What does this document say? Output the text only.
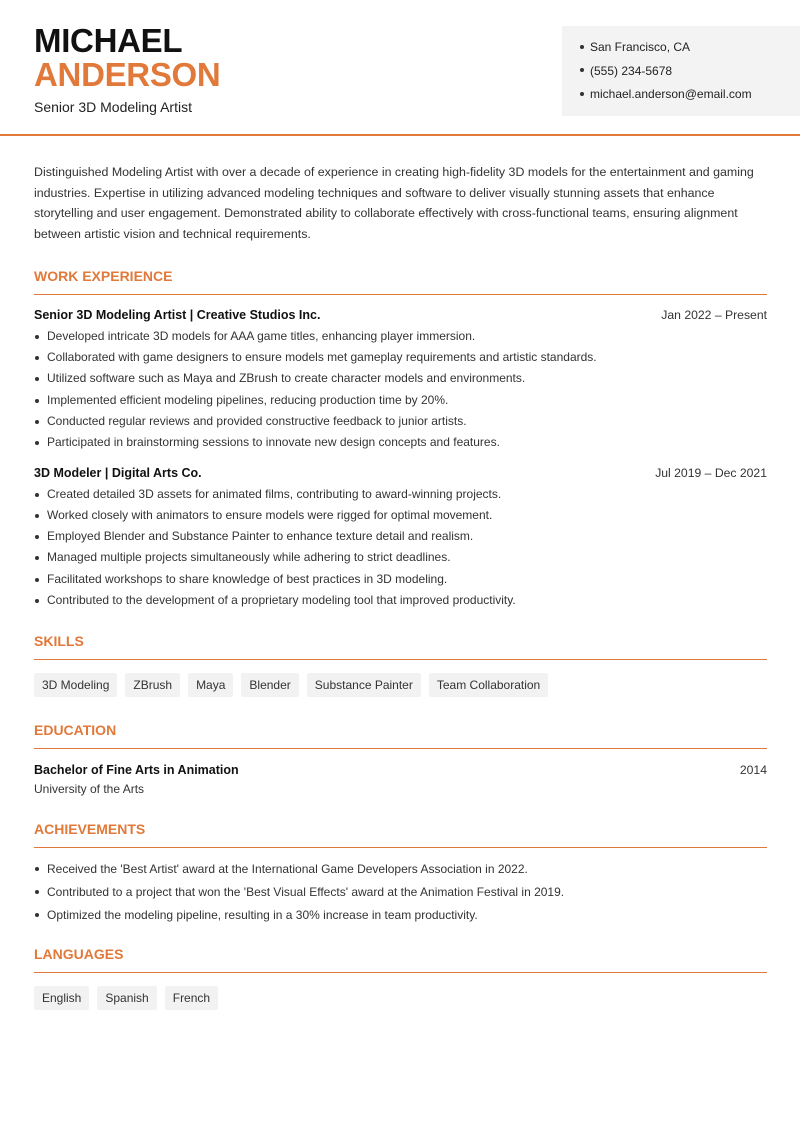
MICHAEL
ANDERSON
Senior 3D Modeling Artist
San Francisco, CA
(555) 234-5678
michael.anderson@email.com

Distinguished Modeling Artist with over a decade of experience in creating high-fidelity 3D models for the entertainment and gaming industries. Expertise in utilizing advanced modeling techniques and software to deliver visually stunning assets that enhance storytelling and user engagement. Demonstrated ability to collaborate effectively with cross-functional teams, ensuring alignment between artistic vision and technical requirements.

WORK EXPERIENCE
Senior 3D Modeling Artist | Creative Studios Inc.	Jan 2022 – Present
Developed intricate 3D models for AAA game titles, enhancing player immersion.
Collaborated with game designers to ensure models met gameplay requirements and artistic standards.
Utilized software such as Maya and ZBrush to create character models and environments.
Implemented efficient modeling pipelines, reducing production time by 20%.
Conducted regular reviews and provided constructive feedback to junior artists.
Participated in brainstorming sessions to innovate new design concepts and features.
3D Modeler | Digital Arts Co.	Jul 2019 – Dec 2021
Created detailed 3D assets for animated films, contributing to award-winning projects.
Worked closely with animators to ensure models were rigged for optimal movement.
Employed Blender and Substance Painter to enhance texture detail and realism.
Managed multiple projects simultaneously while adhering to strict deadlines.
Facilitated workshops to share knowledge of best practices in 3D modeling.
Contributed to the development of a proprietary modeling tool that improved productivity.
SKILLS
3D Modeling	ZBrush	Maya	Blender	Substance Painter	Team Collaboration
EDUCATION
Bachelor of Fine Arts in Animation	2014
University of the Arts
ACHIEVEMENTS
Received the 'Best Artist' award at the International Game Developers Association in 2022.
Contributed to a project that won the 'Best Visual Effects' award at the Animation Festival in 2019.
Optimized the modeling pipeline, resulting in a 30% increase in team productivity.
LANGUAGES
English	Spanish	French
